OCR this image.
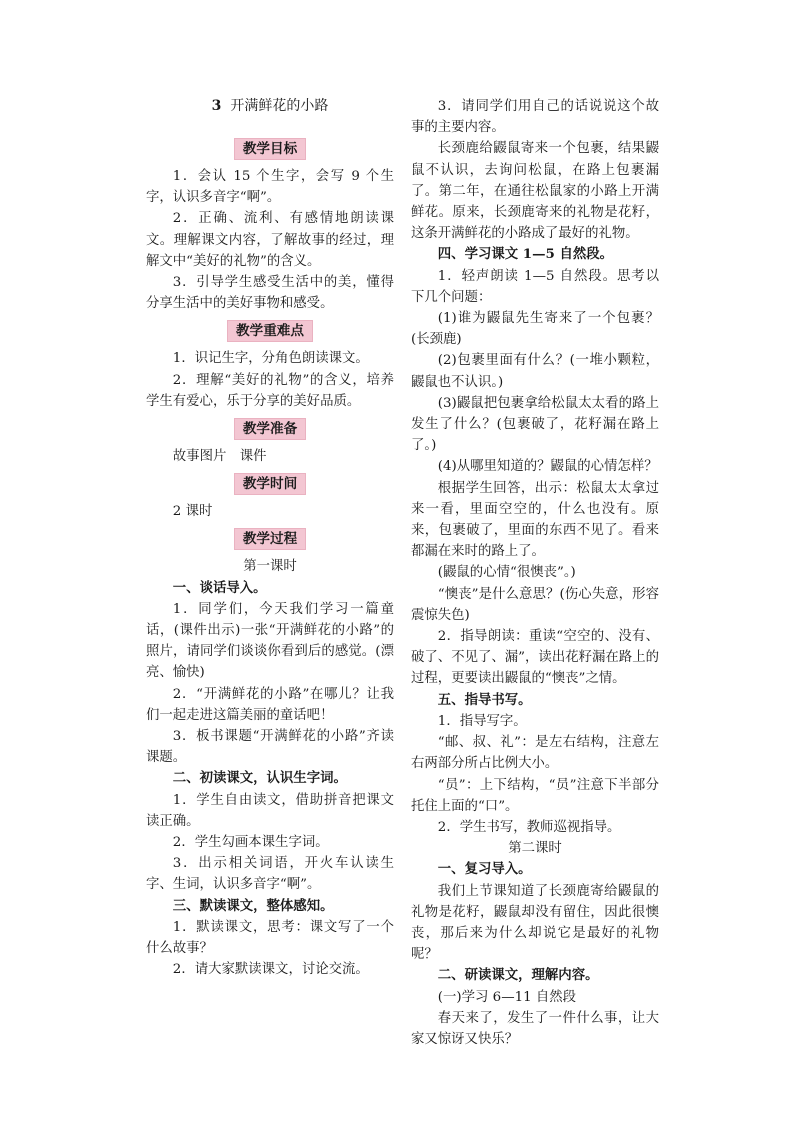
3 开满鲜花的小路
教学目标

1．会认 15 个生字，会写 9 个生字，认识多音字“啊”。

2．正确、流利、有感情地朗读课文。理解课文内容，了解故事的经过，理解文中“美好的礼物”的含义。

3．引导学生感受生活中的美，懂得分享生活中的美好事物和感受。

教学重难点

1．识记生字，分角色朗读课文。

2．理解“美好的礼物”的含义，培养学生有爱心，乐于分享的美好品质。

教学准备

故事图片　课件

教学时间

2 课时

教学过程

第一课时

一、谈话导入。

1．同学们，今天我们学习一篇童话，(课件出示)一张“开满鲜花的小路”的照片，请同学们谈谈你看到后的感觉。(漂亮、愉快)

2．“开满鲜花的小路”在哪儿？让我们一起走进这篇美丽的童话吧！

3．板书课题“开满鲜花的小路”齐读课题。

二、初读课文，认识生字词。

1．学生自由读文，借助拼音把课文读正确。

2．学生勾画本课生字词。

3．出示相关词语，开火车认读生字、生词，认识多音字“啊”。

三、默读课文，整体感知。

1．默读课文，思考：课文写了一个什么故事？

2．请大家默读课文，讨论交流。

3．请同学们用自己的话说说这个故事的主要内容。

长颈鹿给鼹鼠寄来一个包裹，结果鼹鼠不认识，去询问松鼠，在路上包裹漏了。第二年，在通往松鼠家的小路上开满鲜花。原来，长颈鹿寄来的礼物是花籽，这条开满鲜花的小路成了最好的礼物。

四、学习课文 1—5 自然段。

1．轻声朗读 1—5 自然段。思考以下几个问题：

(1)谁为鼹鼠先生寄来了一个包裹？(长颈鹿)

(2)包裹里面有什么？(一堆小颗粒，鼹鼠也不认识。)

(3)鼹鼠把包裹拿给松鼠太太看的路上发生了什么？(包裹破了，花籽漏在路上了。)

(4)从哪里知道的？鼹鼠的心情怎样？

根据学生回答，出示：松鼠太太拿过来一看，里面空空的，什么也没有。原来，包裹破了，里面的东西不见了。看来都漏在来时的路上了。

(鼹鼠的心情“很懊丧”。)

“懊丧”是什么意思？(伤心失意，形容震惊失色)

2．指导朗读：重读“空空的、没有、破了、不见了、漏”，读出花籽漏在路上的过程，更要读出鼹鼠的“懊丧”之情。

五、指导书写。

1．指导写字。

“邮、叔、礼”：是左右结构，注意左右两部分所占比例大小。

“员”：上下结构，“员”注意下半部分托住上面的“口”。

2．学生书写，教师巡视指导。

第二课时

一、复习导入。

我们上节课知道了长颈鹿寄给鼹鼠的礼物是花籽，鼹鼠却没有留住，因此很懊丧，那后来为什么却说它是最好的礼物呢？

二、研读课文，理解内容。

(一)学习 6—11 自然段

春天来了，发生了一件什么事，让大家又惊讶又快乐？
